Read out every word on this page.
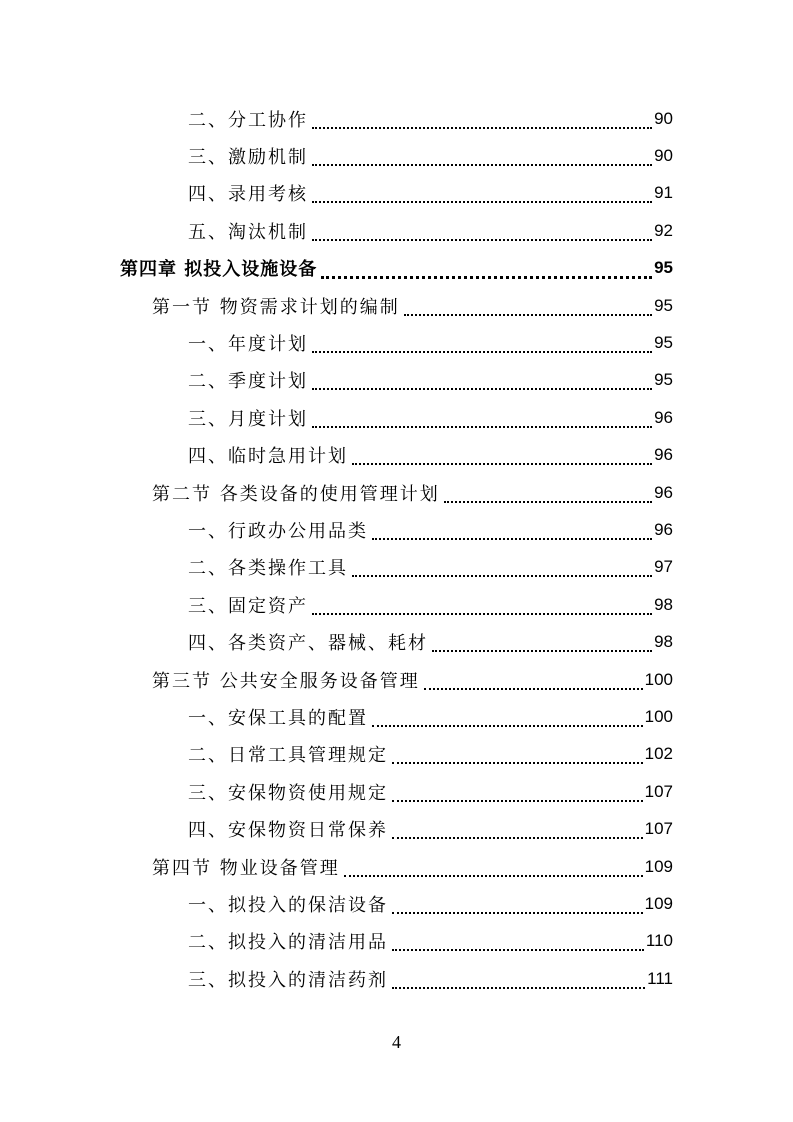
二、分工协作	90
三、激励机制	90
四、录用考核	91
五、淘汰机制	92
第四章 拟投入设施设备	95
第一节 物资需求计划的编制	95
一、年度计划	95
二、季度计划	95
三、月度计划	96
四、临时急用计划	96
第二节 各类设备的使用管理计划	96
一、行政办公用品类	96
二、各类操作工具	97
三、固定资产	98
四、各类资产、器械、耗材	98
第三节 公共安全服务设备管理	100
一、安保工具的配置	100
二、日常工具管理规定	102
三、安保物资使用规定	107
四、安保物资日常保养	107
第四节 物业设备管理	109
一、拟投入的保洁设备	109
二、拟投入的清洁用品	110
三、拟投入的清洁药剂	111
4
